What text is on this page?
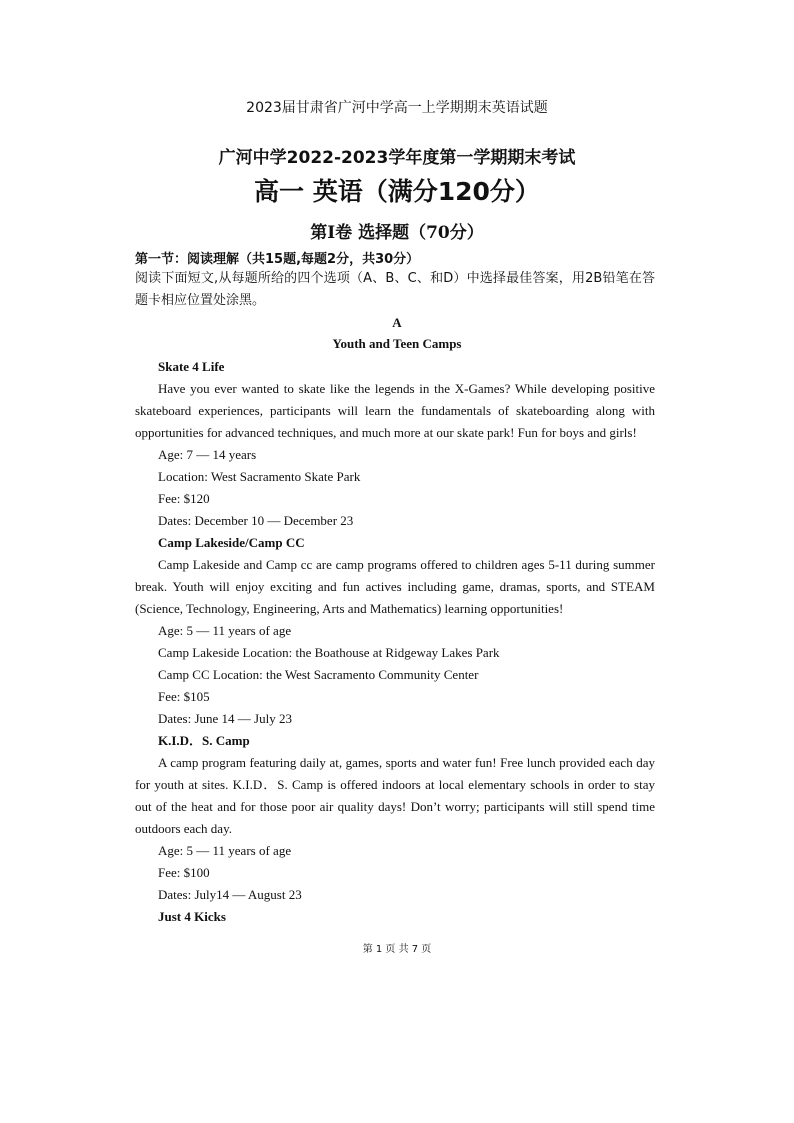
2023届甘肃省广河中学高一上学期期末英语试题
广河中学2022-2023学年度第一学期期末考试
高一 英语（满分120分）
第Ⅰ卷 选择题（70分）
第一节：阅读理解（共15题,每题2分，共30分）

阅读下面短文,从每题所给的四个选项（A、B、C、和D）中选择最佳答案，用2B铅笔在答题卡相应位置处涂黑。

A
Youth and Teen Camps
Skate 4 Life

Have you ever wanted to skate like the legends in the X-Games? While developing positive skateboard experiences, participants will learn the fundamentals of skateboarding along with opportunities for advanced techniques, and much more at our skate park! Fun for boys and girls!

Age: 7 — 14 years
Location: West Sacramento Skate Park
Fee: $120
Dates: December 10 — December 23
Camp Lakeside/Camp CC

Camp Lakeside and Camp cc are camp programs offered to children ages 5-11 during summer break. Youth will enjoy exciting and fun actives including game, dramas, sports, and STEAM (Science, Technology, Engineering, Arts and Mathematics) learning opportunities!

Age: 5 — 11 years of age
Camp Lakeside Location: the Boathouse at Ridgeway Lakes Park
Camp CC Location: the West Sacramento Community Center
Fee: $105
Dates: June 14 — July 23
K.I.D．S. Camp

A camp program featuring daily at, games, sports and water fun! Free lunch provided each day for youth at sites. K.I.D．S. Camp is offered indoors at local elementary schools in order to stay out of the heat and for those poor air quality days! Don’t worry; participants will still spend time outdoors each day.

Age: 5 — 11 years of age
Fee: $100
Dates: July14 — August 23
Just 4 Kicks
第 1 页 共 7 页
